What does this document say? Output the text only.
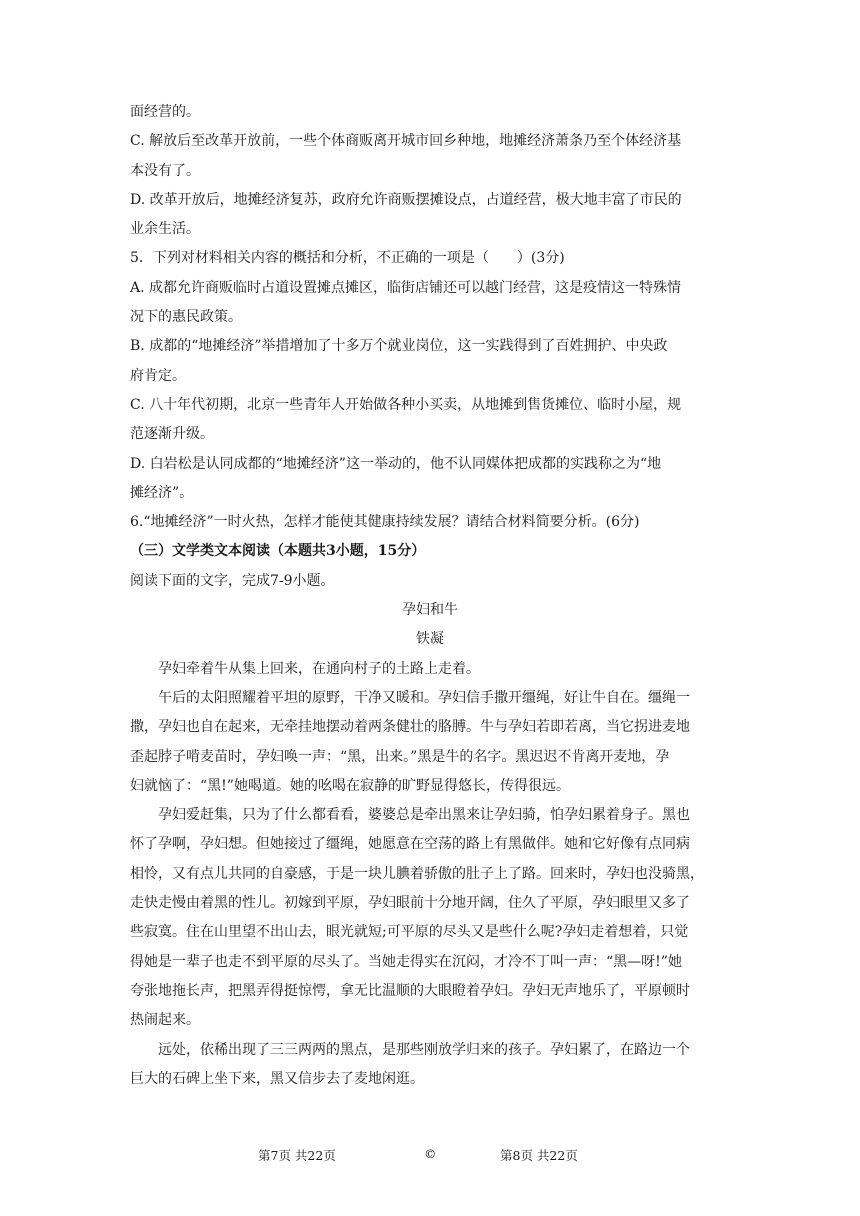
面经营的。
C. 解放后至改革开放前，一些个体商贩离开城市回乡种地，地摊经济萧条乃至个体经济基
本没有了。
D. 改革开放后，地摊经济复苏，政府允许商贩摆摊设点，占道经营，极大地丰富了市民的
业余生活。
5．下列对材料相关内容的概括和分析，不正确的一项是（　　）(3分)
A. 成都允许商贩临时占道设置摊点摊区，临街店铺还可以越门经营，这是疫情这一特殊情
况下的惠民政策。
B. 成都的“地摊经济”举措增加了十多万个就业岗位，这一实践得到了百姓拥护、中央政
府肯定。
C. 八十年代初期，北京一些青年人开始做各种小买卖，从地摊到售货摊位、临时小屋，规
范逐渐升级。
D. 白岩松是认同成都的“地摊经济”这一举动的，他不认同媒体把成都的实践称之为“地
摊经济”。
6.“地摊经济”一时火热，怎样才能使其健康持续发展？请结合材料简要分析。(6分)
（三）文学类文本阅读（本题共3小题，15分）
阅读下面的文字，完成7-9小题。
孕妇和牛
铁凝
孕妇牵着牛从集上回来，在通向村子的土路上走着。
午后的太阳照耀着平坦的原野，干净又暖和。孕妇信手撒开缰绳，好让牛自在。缰绳一
撒，孕妇也自在起来，无牵挂地摆动着两条健壮的胳膊。牛与孕妇若即若离，当它拐进麦地
歪起脖子啃麦苗时，孕妇唤一声：“黑，出来。”黑是牛的名字。黑迟迟不肯离开麦地，孕
妇就恼了：“黑!”她喝道。她的吆喝在寂静的旷野显得悠长，传得很远。
孕妇爱赶集，只为了什么都看看，婆婆总是牵出黑来让孕妇骑，怕孕妇累着身子。黑也
怀了孕啊，孕妇想。但她接过了缰绳，她愿意在空荡的路上有黑做伴。她和它好像有点同病
相怜，又有点儿共同的自豪感，于是一块儿腆着骄傲的肚子上了路。回来时，孕妇也没骑黑，
走快走慢由着黑的性儿。初嫁到平原，孕妇眼前十分地开阔，住久了平原，孕妇眼里又多了
些寂寞。住在山里望不出山去，眼光就短;可平原的尽头又是些什么呢?孕妇走着想着，只觉
得她是一辈子也走不到平原的尽头了。当她走得实在沉闷，才冷不丁叫一声：“黑—呀!”她
夸张地拖长声，把黑弄得挺惊愕，拿无比温顺的大眼瞪着孕妇。孕妇无声地乐了，平原顿时
热闹起来。
远处，依稀出现了三三两两的黑点，是那些刚放学归来的孩子。孕妇累了，在路边一个
巨大的石碑上坐下来，黑又信步去了麦地闲逛。
第7页 共22页	©	第8页 共22页
